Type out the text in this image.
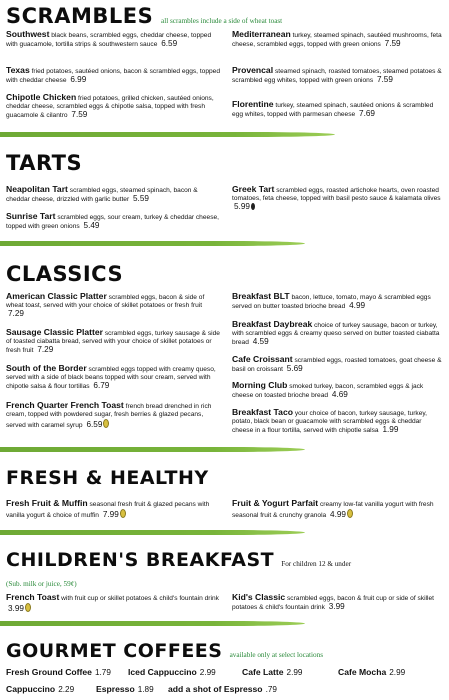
SCRAMBLES all scrambles include a side of wheat toast
Southwest black beans, scrambled eggs, cheddar cheese, topped with guacamole, tortilla strips & southwestern sauce 6.59
Texas fried potatoes, sautéed onions, bacon & scrambled eggs, topped with cheddar cheese 6.99
Chipotle Chicken fried potatoes, grilled chicken, sautéed onions, cheddar cheese, scrambled eggs & chipotle salsa, topped with fresh guacamole & cilantro 7.59
Mediterranean turkey, steamed spinach, sautéed mushrooms, feta cheese, scrambled eggs, topped with green onions 7.59
Provencal steamed spinach, roasted tomatoes, steamed potatoes & scrambled egg whites, topped with green onions 7.59
Florentine turkey, steamed spinach, sautéed onions & scrambled egg whites, topped with parmesan cheese 7.69
TARTS
Neapolitan Tart scrambled eggs, steamed spinach, bacon & cheddar cheese, drizzled with garlic butter 5.59
Sunrise Tart scrambled eggs, sour cream, turkey & cheddar cheese, topped with green onions 5.49
Greek Tart scrambled eggs, roasted artichoke hearts, oven roasted tomatoes, feta cheese, topped with basil pesto sauce & kalamata olives 5.99
CLASSICS
American Classic Platter scrambled eggs, bacon & side of wheat toast, served with your choice of skillet potatoes or fresh fruit 7.29
Sausage Classic Platter scrambled eggs, turkey sausage & side of toasted ciabatta bread, served with your choice of skillet potatoes or fresh fruit 7.29
South of the Border scrambled eggs topped with creamy queso, served with a side of black beans topped with sour cream, served with chipotle salsa & flour tortillas 6.79
French Quarter French Toast french bread drenched in rich cream, topped with powdered sugar, fresh berries & glazed pecans, served with caramel syrup 6.59
Breakfast BLT bacon, lettuce, tomato, mayo & scrambled eggs served on butter toasted brioche bread 4.99
Breakfast Daybreak choice of turkey sausage, bacon or turkey, with scrambled eggs & creamy queso served on butter toasted ciabatta bread 4.59
Cafe Croissant scrambled eggs, roasted tomatoes, goat cheese & basil on croissant 5.69
Morning Club smoked turkey, bacon, scrambled eggs & jack cheese on toasted brioche bread 4.69
Breakfast Taco your choice of bacon, turkey sausage, turkey, potato, black bean or guacamole with scrambled eggs & cheddar cheese in a flour tortilla, served with chipotle salsa 1.99
FRESH & HEALTHY
Fresh Fruit & Muffin seasonal fresh fruit & glazed pecans with vanilla yogurt & choice of muffin 7.99
Fruit & Yogurt Parfait creamy low-fat vanilla yogurt with fresh seasonal fruit & crunchy granola 4.99
CHILDREN'S BREAKFAST For children 12 & under
(Sub. milk or juice, 59¢)
French Toast with fruit cup or skillet potatoes & child's fountain drink 3.99
Kid's Classic scrambled eggs, bacon & fruit cup or side of skillet potatoes & child's fountain drink 3.99
GOURMET COFFEES available only at select locations
Fresh Ground Coffee 1.79 Iced Cappuccino 2.99	Cafe Latte 2.99	Cafe Mocha 2.99
Cappuccino 2.29	Espresso 1.89 add a shot of Espresso .79
